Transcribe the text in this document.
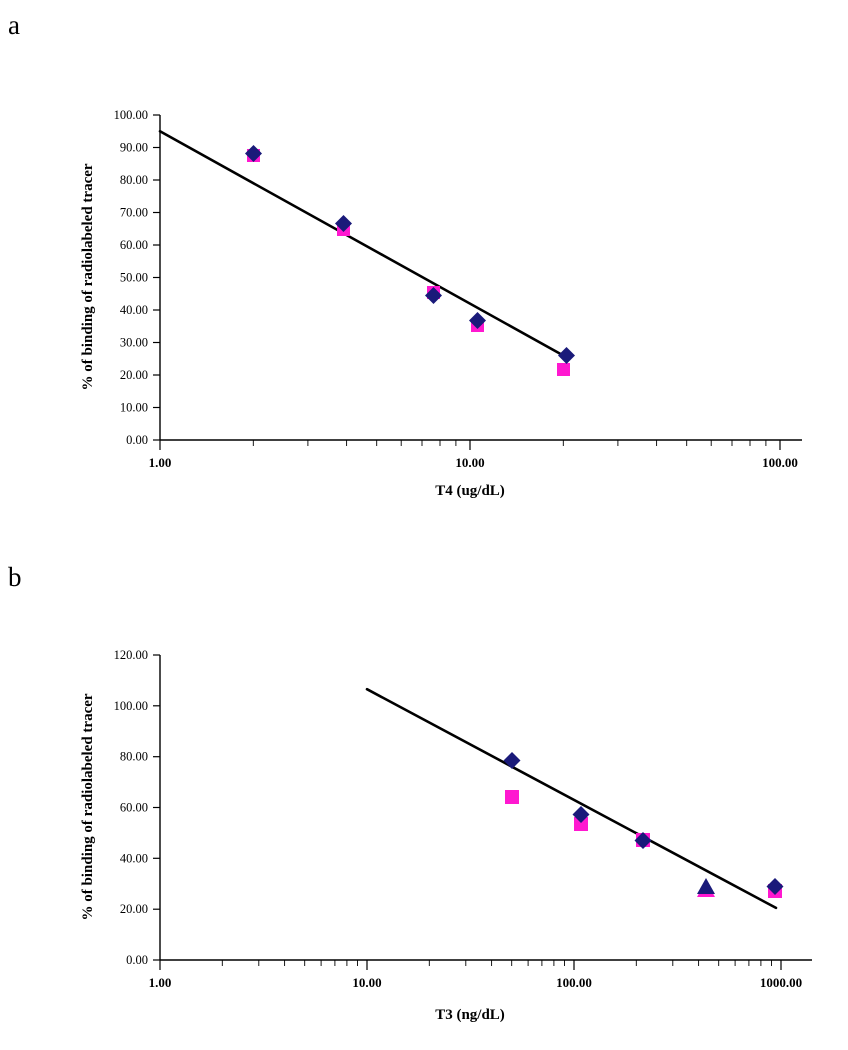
a
0.00
10.00
20.00
30.00
40.00
50.00
60.00
70.00
80.00
90.00
100.00
1.00	10.00	100.00
T4 (ug/dL)
% of binding of radiolabeled tracer
b
0.00
20.00
40.00
60.00
80.00
100.00
120.00
1.00	10.00	100.00	1000.00
T3 (ng/dL)
% of binding of radiolabeled tracer
